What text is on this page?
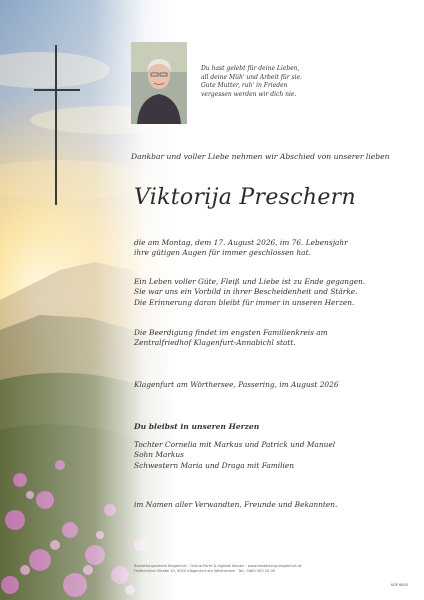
Du hast gelebt für deine Lieben,
all deine Müh' und Arbeit für sie.
Gute Mutter, ruh' in Frieden
vergessen werden wir dich nie.
Dankbar und voller Liebe nehmen wir Abschied von unserer lieben
Viktorija Preschern
die am Montag, dem 17. August 2026, im 76. Lebensjahr
ihre gütigen Augen für immer geschlossen hat.
Ein Leben voller Güte, Fleiß und Liebe ist zu Ende gegangen.
Sie war uns ein Vorbild in ihrer Bescheidenheit und Stärke.
Die Erinnerung daran bleibt für immer in unseren Herzen.
Die Beerdigung findet im engsten Familienkreis am
Zentralfriedhof Klagenfurt-Annabichl statt.
Klagenfurt am Wörthersee, Passering, im August 2026
Du bleibst in unseren Herzen
Tochter Cornelia mit Markus und Patrick und Manuel
Sohn Markus
Schwestern Maria und Draga mit Familien
im Namen aller Verwandten, Freunde und Bekannten.
Bestattungsverein Klagenfurt · Online-Parte & digitale Kerzen · www.bestattung-klagenfurt.at
Feldkirchner Straße 10, 9020 Klagenfurt am Wörthersee · Tel.: 0463 500 20 00
KSP 6845
